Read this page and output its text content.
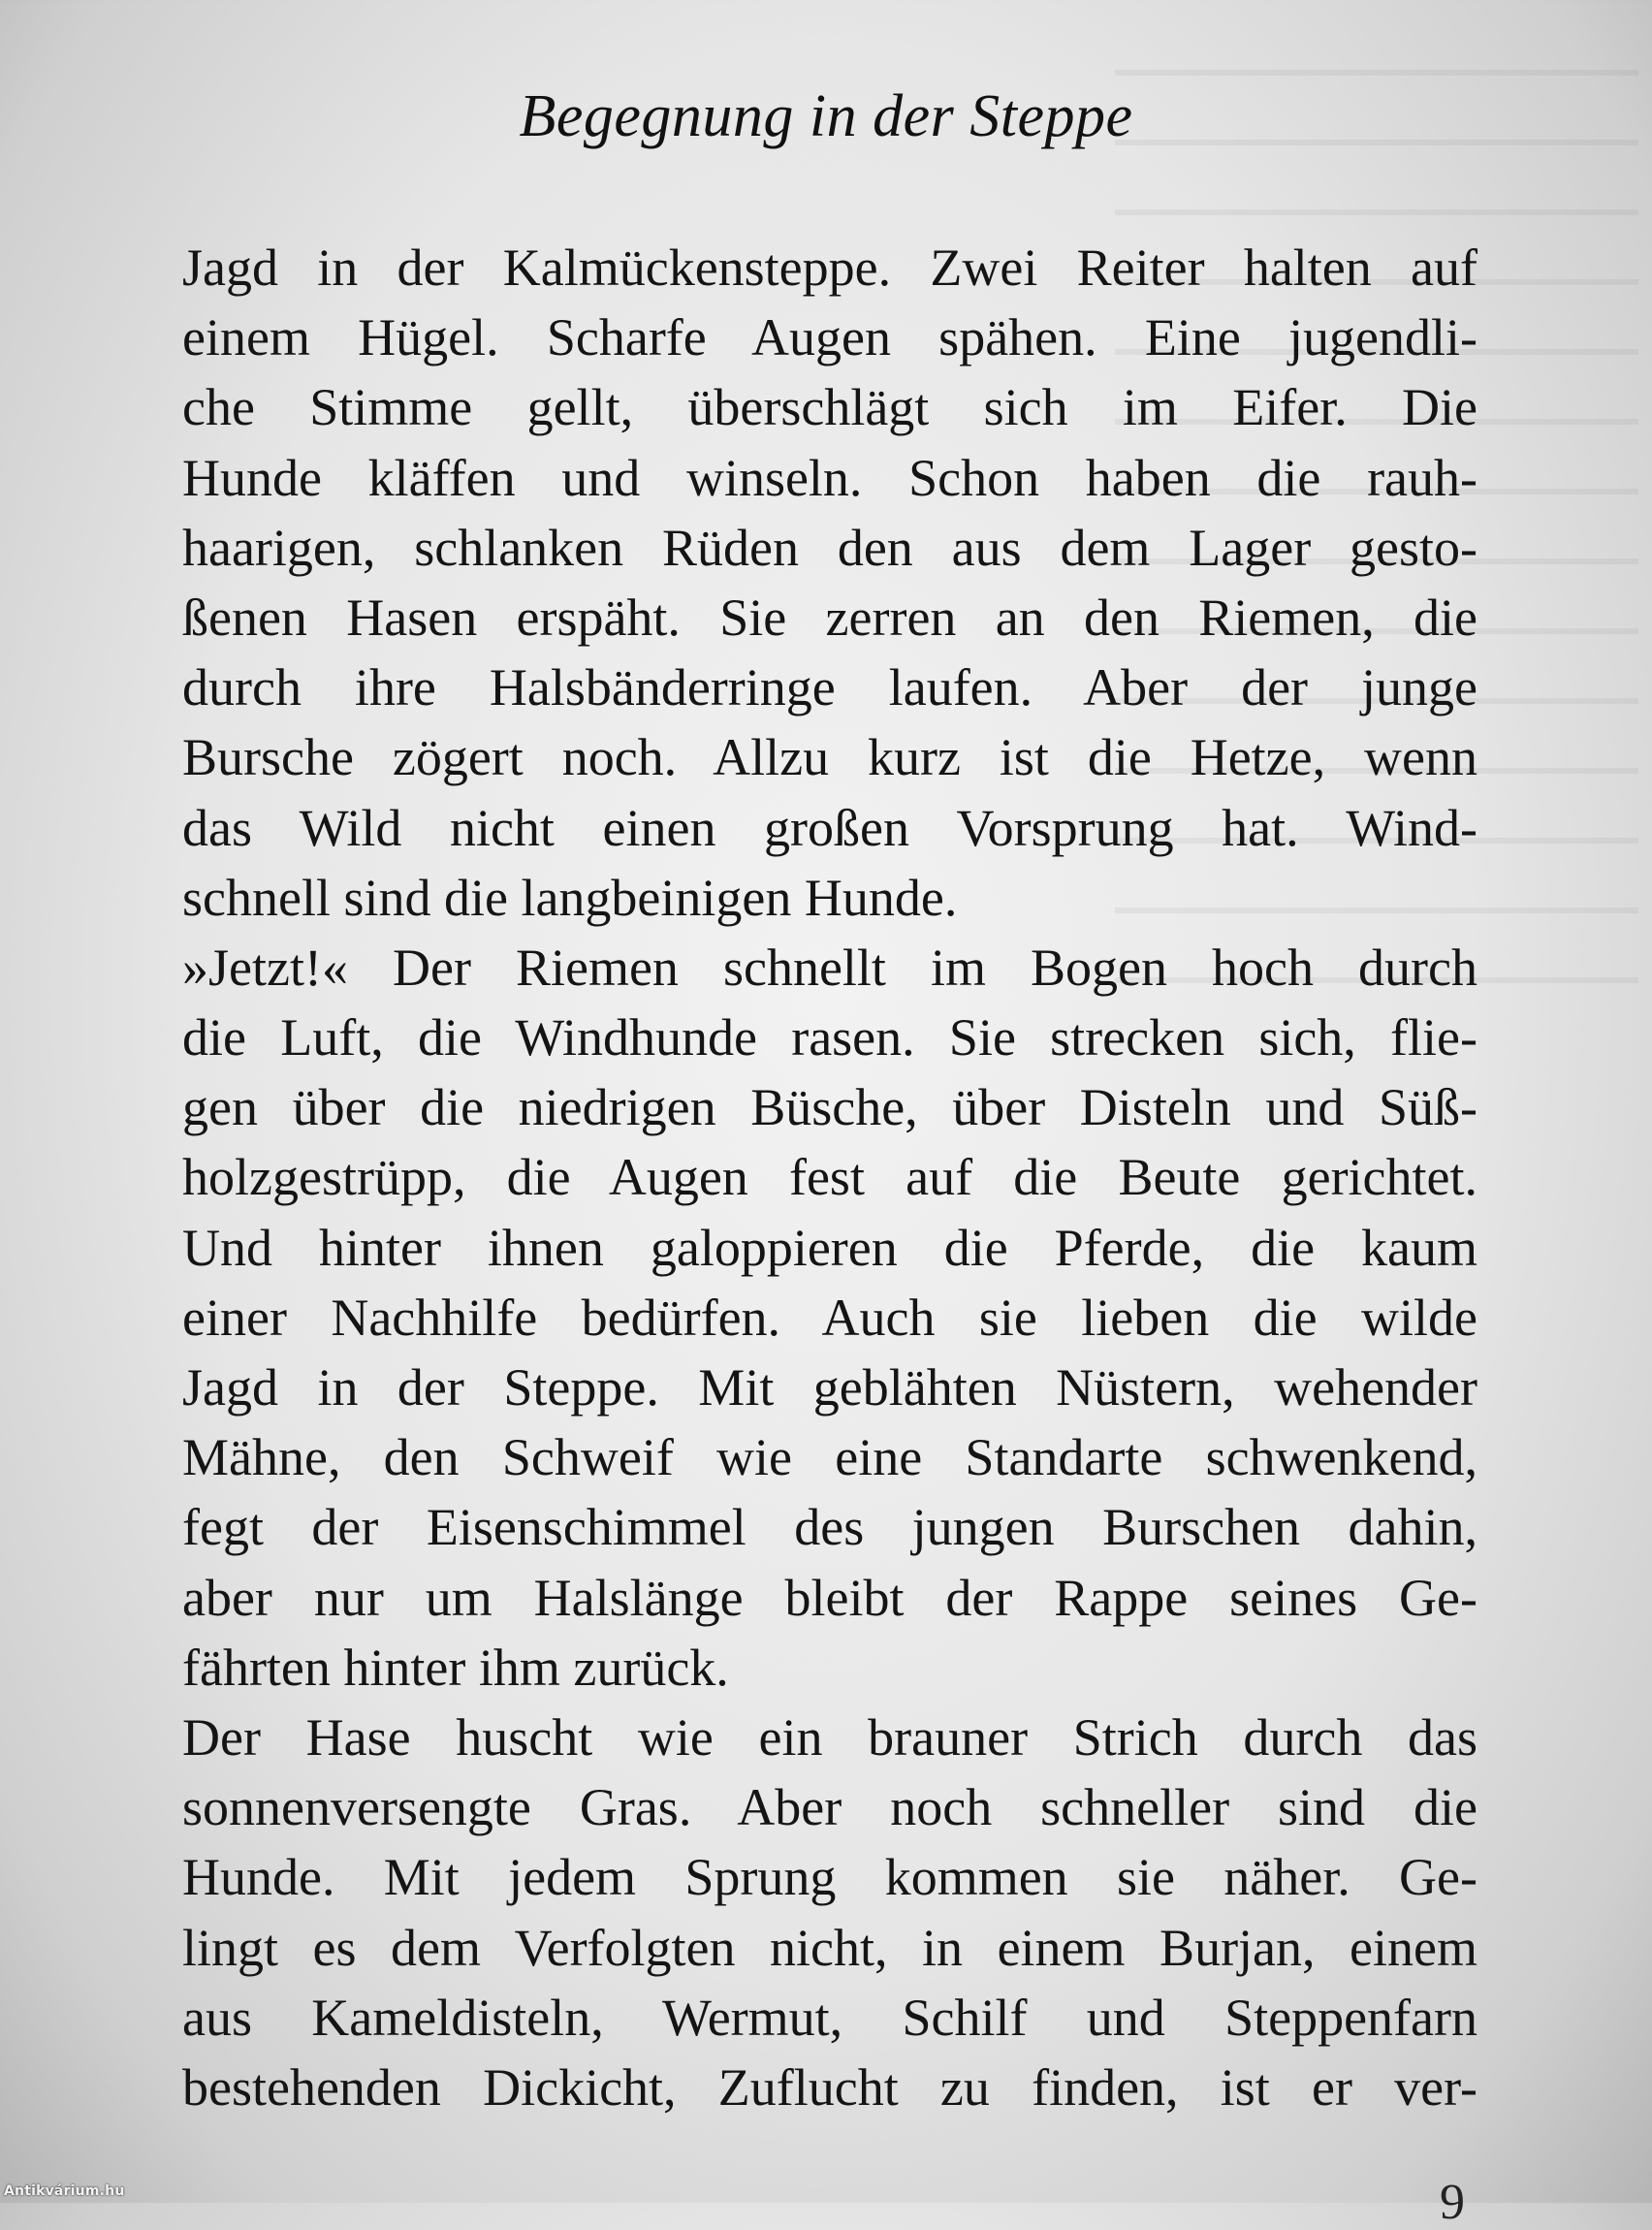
Begegnung in der Steppe
Jagd in der Kalmückensteppe. Zwei Reiter halten auf
einem Hügel. Scharfe Augen spähen. Eine jugendli-
che Stimme gellt, überschlägt sich im Eifer. Die
Hunde kläffen und winseln. Schon haben die rauh-
haarigen, schlanken Rüden den aus dem Lager gesto-
ßenen Hasen erspäht. Sie zerren an den Riemen, die
durch ihre Halsbänderringe laufen. Aber der junge
Bursche zögert noch. Allzu kurz ist die Hetze, wenn
das Wild nicht einen großen Vorsprung hat. Wind-
schnell sind die langbeinigen Hunde.
»Jetzt!« Der Riemen schnellt im Bogen hoch durch
die Luft, die Windhunde rasen. Sie strecken sich, flie-
gen über die niedrigen Büsche, über Disteln und Süß-
holzgestrüpp, die Augen fest auf die Beute gerichtet.
Und hinter ihnen galoppieren die Pferde, die kaum
einer Nachhilfe bedürfen. Auch sie lieben die wilde
Jagd in der Steppe. Mit geblähten Nüstern, wehender
Mähne, den Schweif wie eine Standarte schwenkend,
fegt der Eisenschimmel des jungen Burschen dahin,
aber nur um Halslänge bleibt der Rappe seines Ge-
fährten hinter ihm zurück.
Der Hase huscht wie ein brauner Strich durch das
sonnenversengte Gras. Aber noch schneller sind die
Hunde. Mit jedem Sprung kommen sie näher. Ge-
lingt es dem Verfolgten nicht, in einem Burjan, einem
aus Kameldisteln, Wermut, Schilf und Steppenfarn
bestehenden Dickicht, Zuflucht zu finden, ist er ver-
9
Antikvárium.hu
